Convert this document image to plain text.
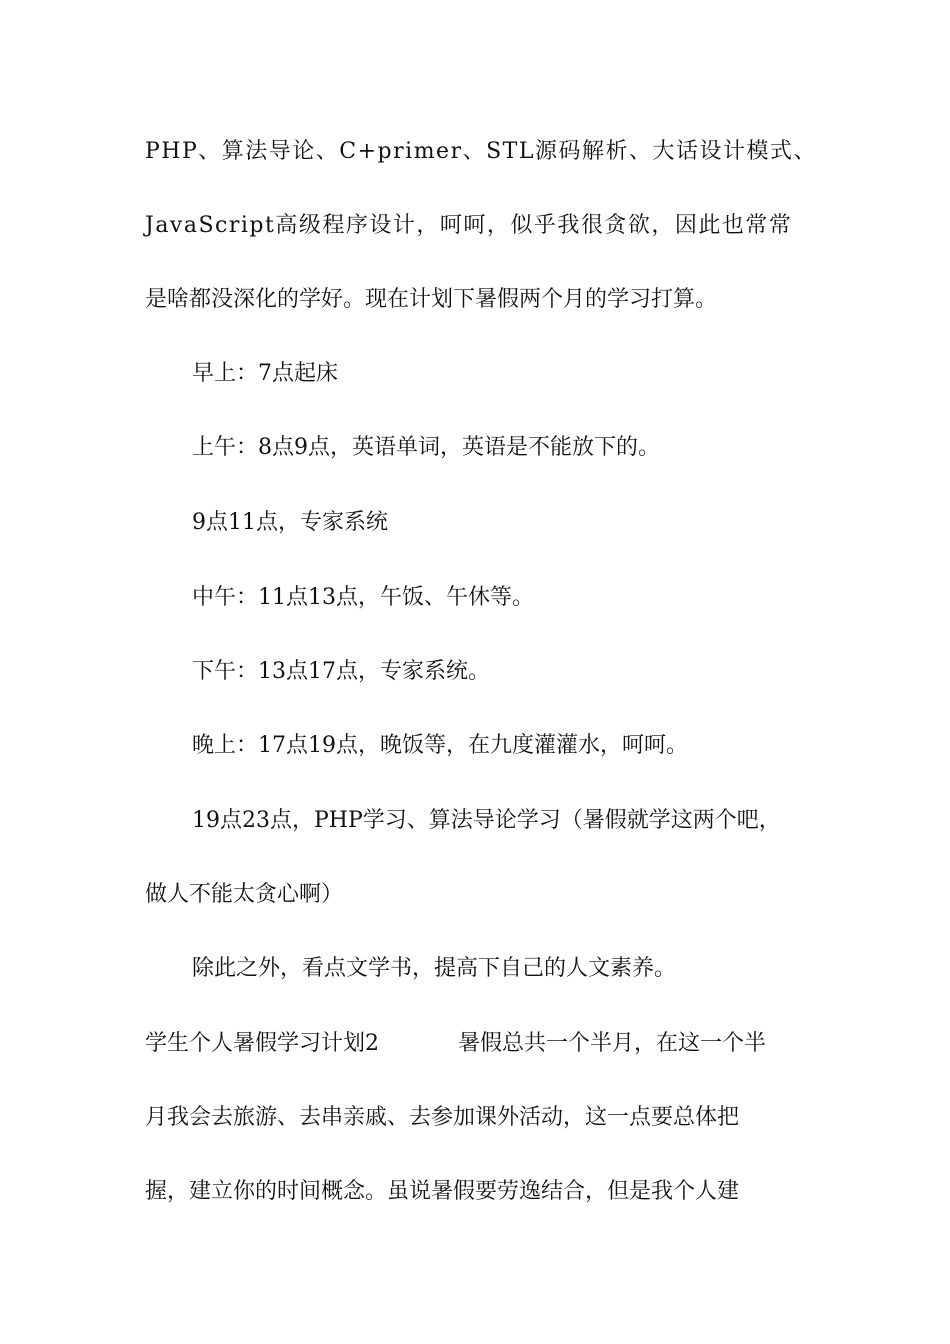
PHP、算法导论、C+primer、STL源码解析、大话设计模式、
JavaScript高级程序设计，呵呵，似乎我很贪欲，因此也常常
是啥都没深化的学好。现在计划下暑假两个月的学习打算。
早上：7点起床
上午：8点9点，英语单词，英语是不能放下的。
9点11点，专家系统
中午：11点13点，午饭、午休等。
下午：13点17点，专家系统。
晚上：17点19点，晚饭等，在九度灌灌水，呵呵。
19点23点，PHP学习、算法导论学习（暑假就学这两个吧，
做人不能太贪心啊）
除此之外，看点文学书，提高下自己的人文素养。
学生个人暑假学习计划2	暑假总共一个半月，在这一个半
月我会去旅游、去串亲戚、去参加课外活动，这一点要总体把
握，建立你的时间概念。虽说暑假要劳逸结合，但是我个人建
